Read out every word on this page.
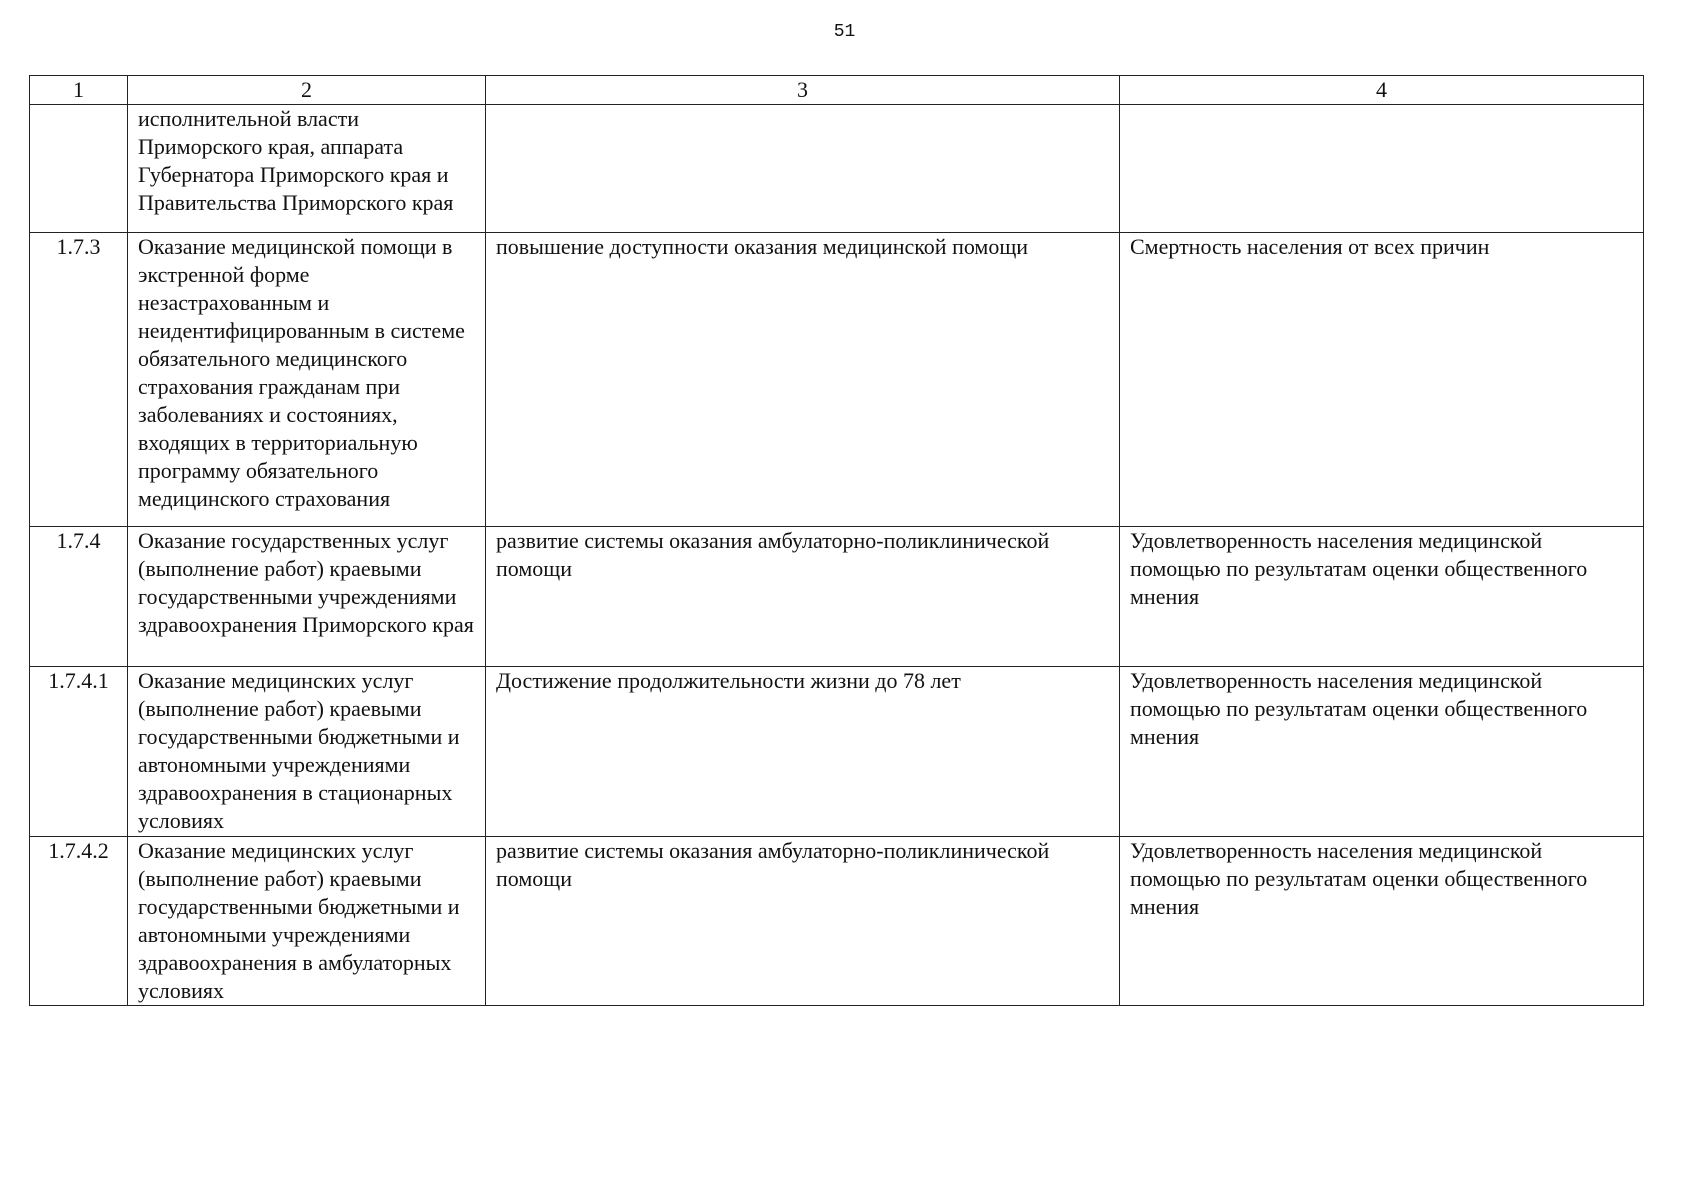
51
1	2	3	4
	исполнительной власти Приморского края, аппарата Губернатора Приморского края и Правительства Приморского края		
1.7.3	Оказание медицинской помощи в экстренной форме незастрахованным и неидентифицированным в системе обязательного медицинского страхования гражданам при заболеваниях и состояниях, входящих в территориальную программу обязательного медицинского страхования	повышение доступности оказания медицинской помощи	Смертность населения от всех причин
1.7.4	Оказание государственных услуг (выполнение работ) краевыми государственными учреждениями здравоохранения Приморского края	развитие системы оказания амбулаторно-поликлинической помощи	Удовлетворенность населения медицинской помощью по результатам оценки общественного мнения
1.7.4.1	Оказание медицинских услуг (выполнение работ) краевыми государственными бюджетными и автономными учреждениями здравоохранения в стационарных условиях	Достижение продолжительности жизни до 78 лет	Удовлетворенность населения медицинской помощью по результатам оценки общественного мнения
1.7.4.2	Оказание медицинских услуг (выполнение работ) краевыми государственными бюджетными и автономными учреждениями здравоохранения в амбулаторных условиях	развитие системы оказания амбулаторно-поликлинической помощи	Удовлетворенность населения медицинской помощью по результатам оценки общественного мнения
